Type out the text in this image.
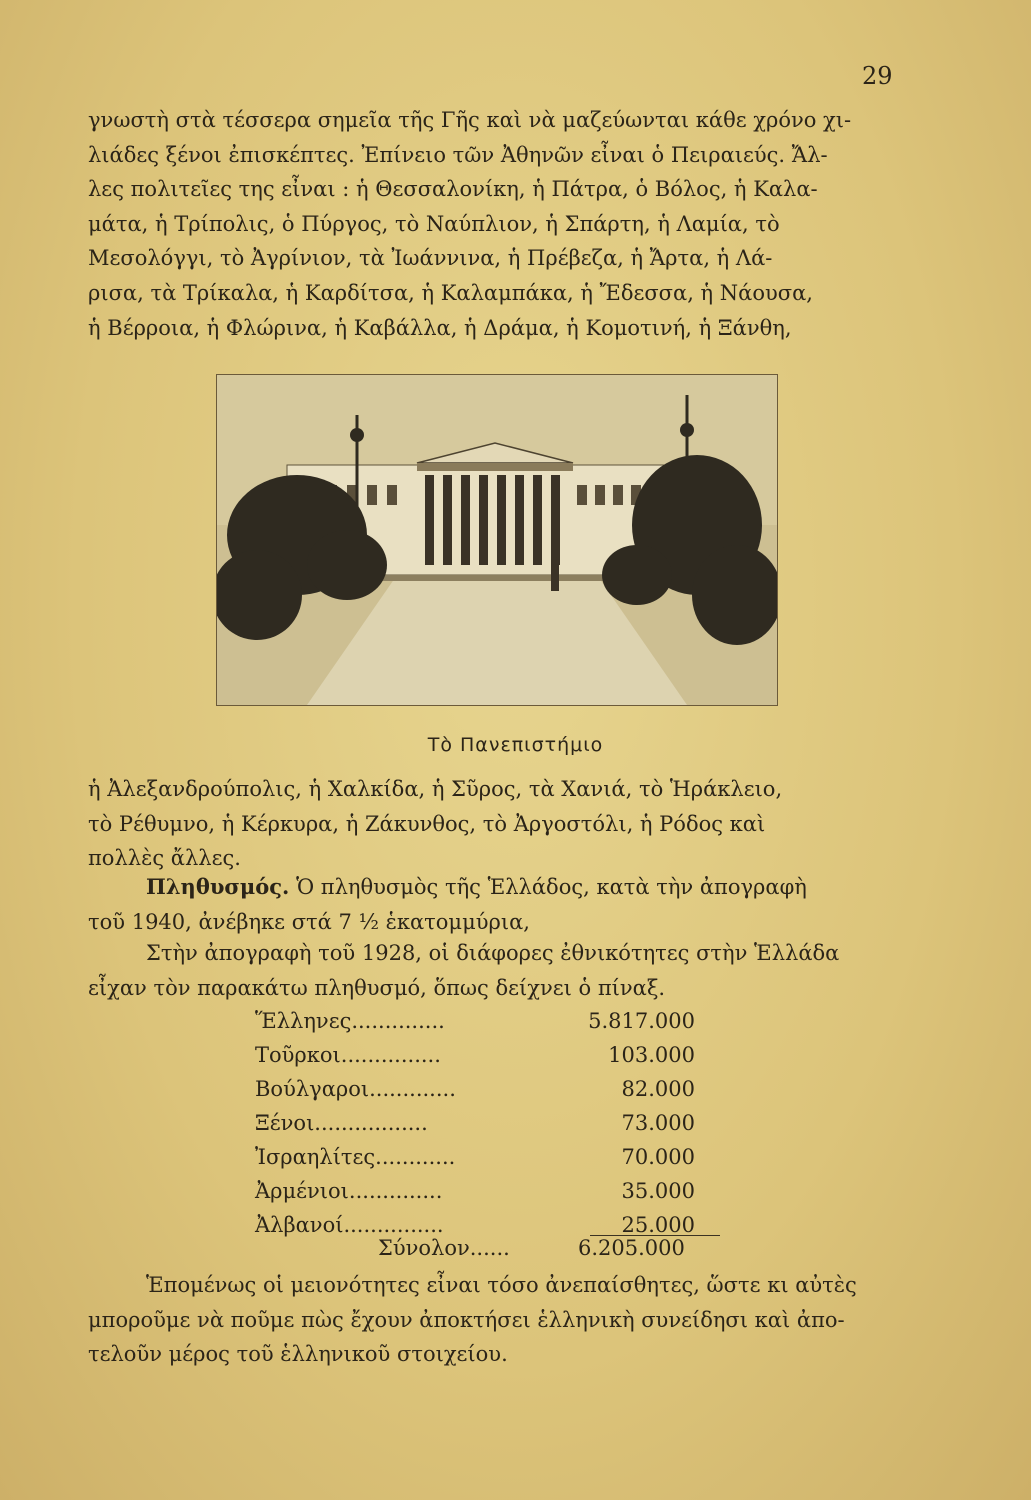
29
γνωστὴ στὰ τέσσερα σημεῖα τῆς Γῆς καὶ νὰ μαζεύωνται κάθε χρόνο χι-
λιάδες ξένοι ἐπισκέπτες. Ἐπίνειο τῶν Ἀθηνῶν εἶναι ὁ Πειραιεύς. Ἄλ-
λες πολιτεῖες της εἶναι : ἡ Θεσσαλονίκη, ἡ Πάτρα, ὁ Βόλος, ἡ Καλα-
μάτα, ἡ Τρίπολις, ὁ Πύργος, τὸ Ναύπλιον, ἡ Σπάρτη, ἡ Λαμία, τὸ
Μεσολόγγι, τὸ Ἀγρίνιον, τὰ Ἰωάννινα, ἡ Πρέβεζα, ἡ Ἄρτα, ἡ Λά-
ρισα, τὰ Τρίκαλα, ἡ Καρδίτσα, ἡ Καλαμπάκα, ἡ Ἔδεσσα, ἡ Νάουσα,
ἡ Βέρροια, ἡ Φλώρινα, ἡ Καβάλλα, ἡ Δράμα, ἡ Κομοτινή, ἡ Ξάνθη,
Τὸ Πανεπιστήμιο
ἡ Ἀλεξανδρούπολις, ἡ Χαλκίδα, ἡ Σῦρος, τὰ Χανιά, τὸ Ἡράκλειο,
τὸ Ρέθυμνο, ἡ Κέρκυρα, ἡ Ζάκυνθος, τὸ Ἀργοστόλι, ἡ Ρόδος καὶ
πολλὲς ἄλλες.
Πληθυσμός. Ὁ πληθυσμὸς τῆς Ἑλλάδος, κατὰ τὴν ἀπογραφὴ
τοῦ 1940, ἀνέβηκε στά 7 ½ ἑκατομμύρια,
Στὴν ἀπογραφὴ τοῦ 1928, οἱ διάφορες ἐθνικότητες στὴν Ἑλλάδα
εἶχαν τὸν παρακάτω πληθυσμό, ὅπως δείχνει ὁ πίναξ.
Ἕλληνες..............	5.817.000
Τοῦρκοι...............	103.000
Βούλγαροι.............	82.000
Ξένοι.................	73.000
Ἰσραηλίτες............	70.000
Ἀρμένιοι..............	35.000
Ἀλβανοί...............	25.000
Σύνολον......	6.205.000
Ἑπομένως οἱ μειονότητες εἶναι τόσο ἀνεπαίσθητες, ὥστε κι αὐτὲς
μποροῦμε νὰ ποῦμε πὼς ἔχουν ἀποκτήσει ἑλληνικὴ συνείδησι καὶ ἀπο-
τελοῦν μέρος τοῦ ἑλληνικοῦ στοιχείου.
